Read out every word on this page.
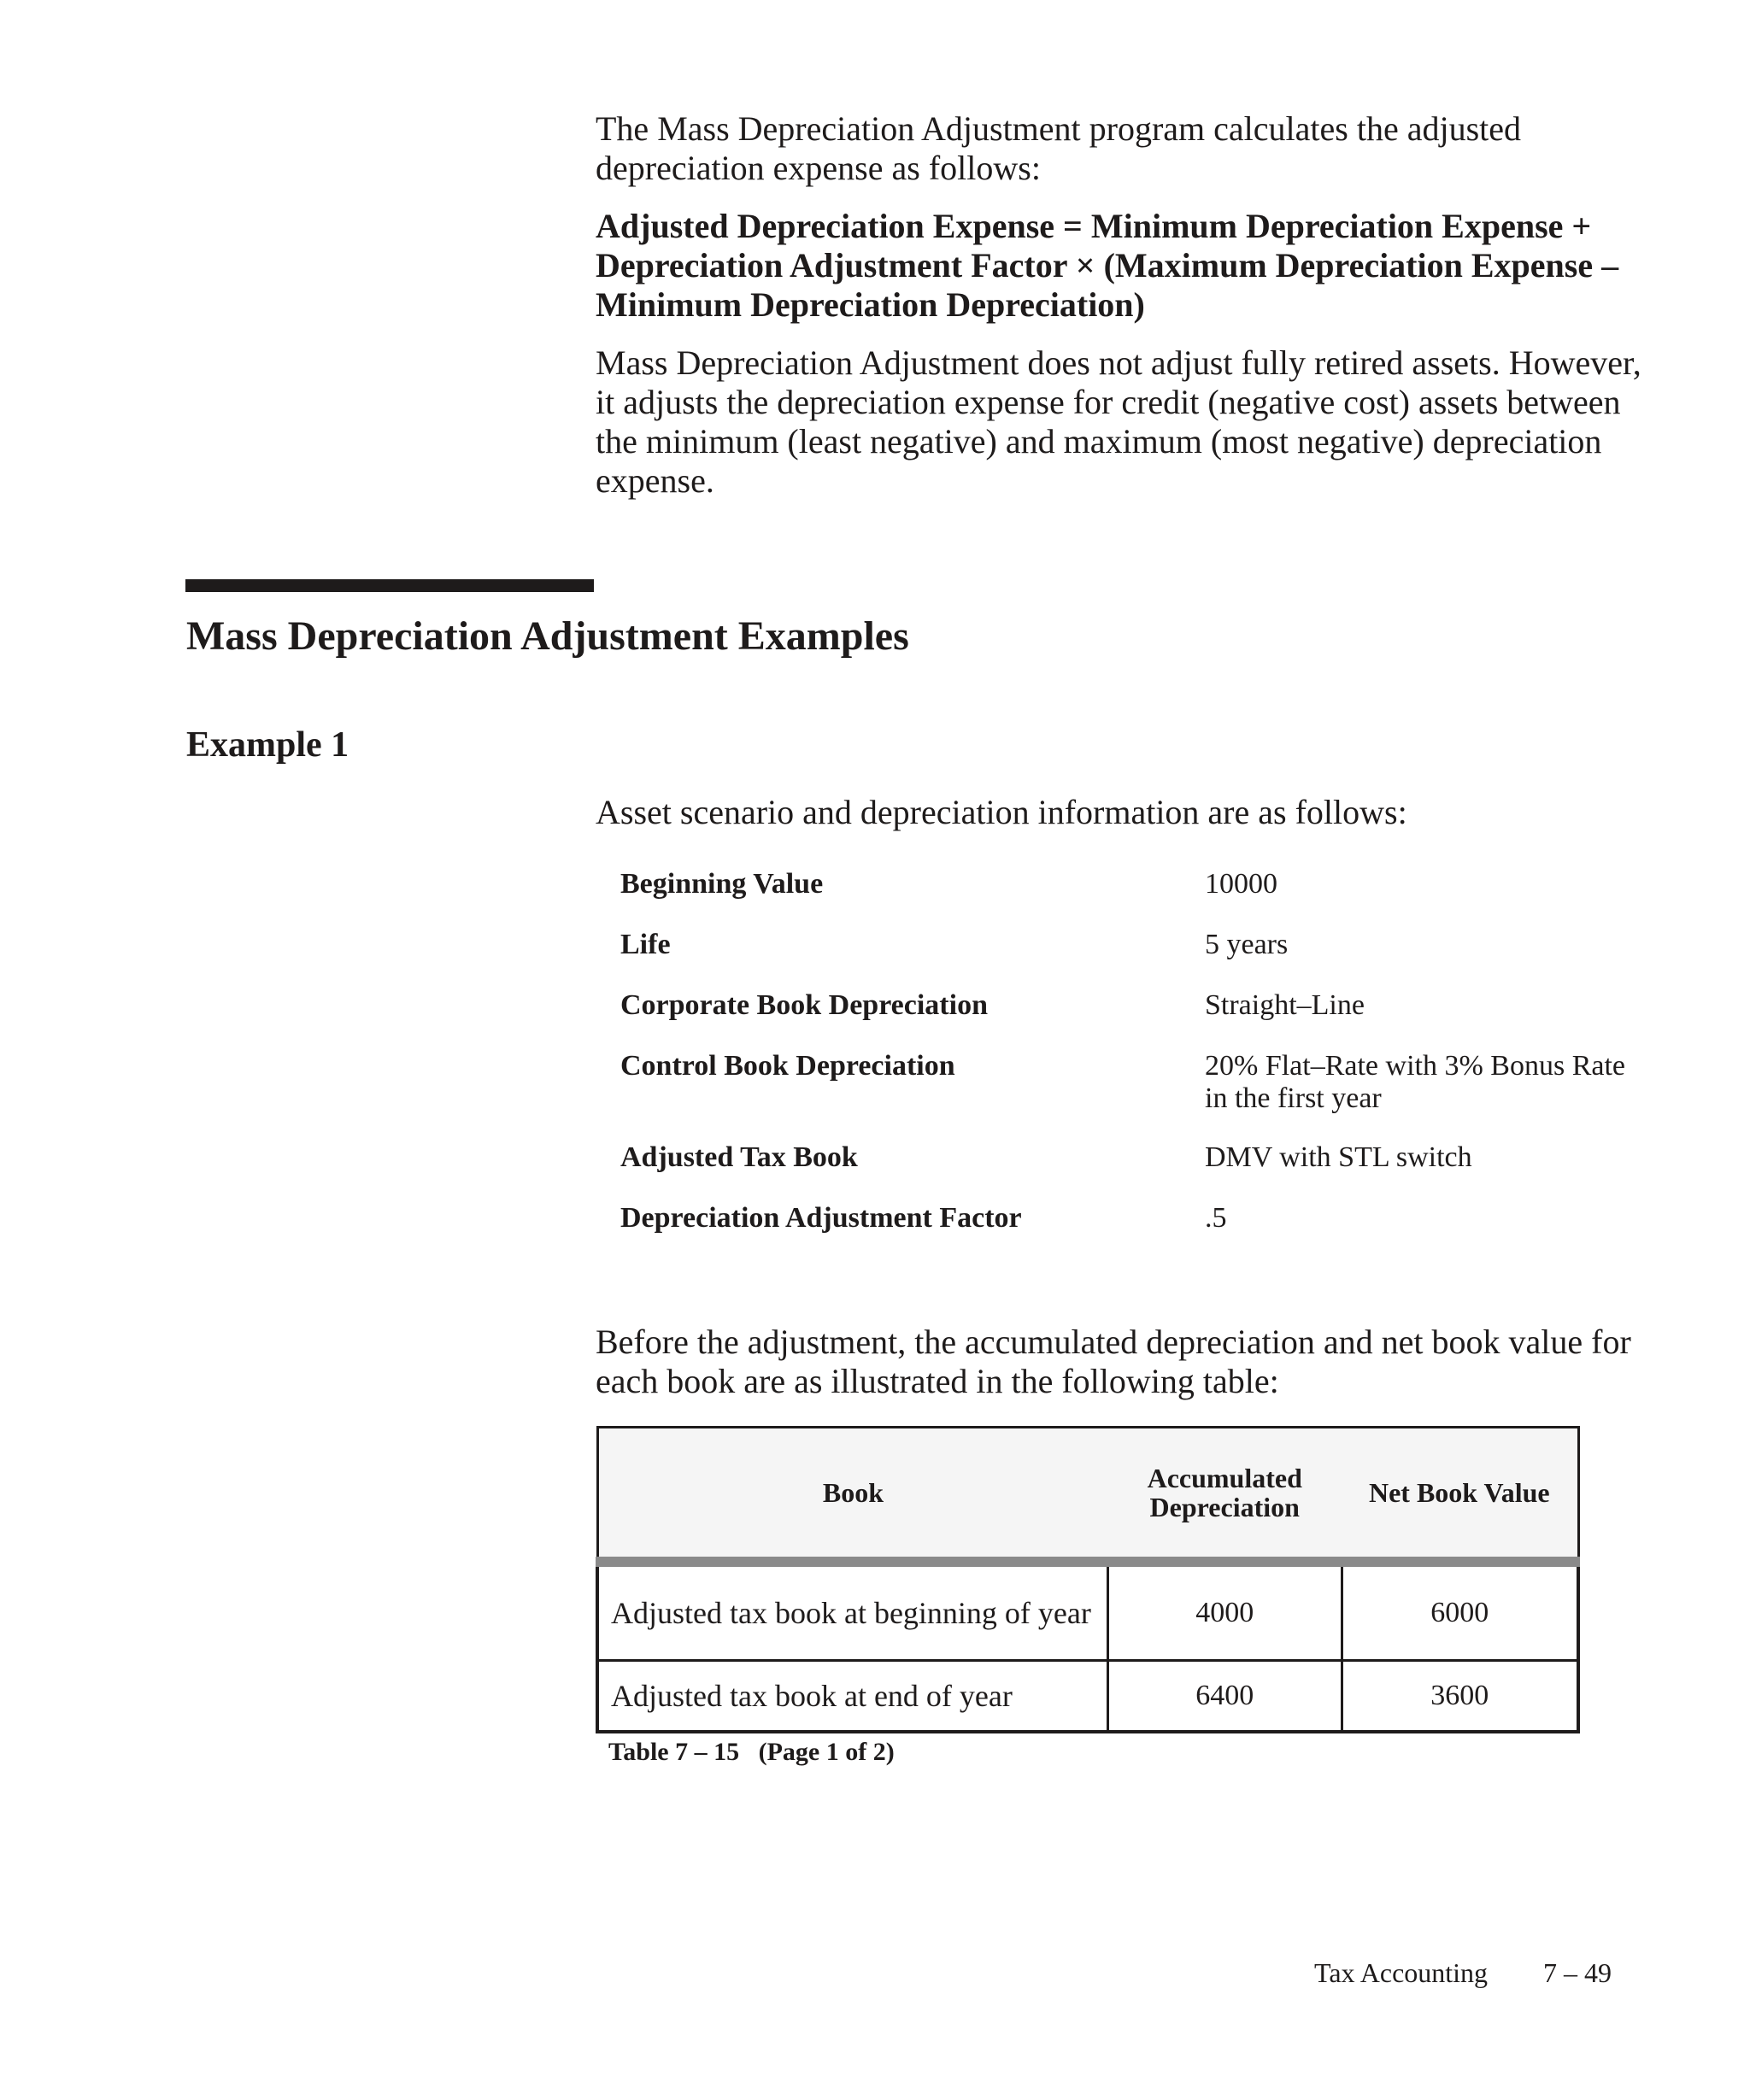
The Mass Depreciation Adjustment program calculates the adjusted depreciation expense as follows:

Adjusted Depreciation Expense = Minimum Depreciation Expense + Depreciation Adjustment Factor × (Maximum Depreciation Expense – Minimum Depreciation Depreciation)

Mass Depreciation Adjustment does not adjust fully retired assets. However, it adjusts the depreciation expense for credit (negative cost) assets between the minimum (least negative) and maximum (most negative) depreciation expense.

Mass Depreciation Adjustment Examples
Example 1

Asset scenario and depreciation information are as follows:

Beginning Value	10000
Life	5 years
Corporate Book Depreciation	Straight–Line
Control Book Depreciation	20% Flat–Rate with 3% Bonus Rate in the first year
Adjusted Tax Book	DMV with STL switch
Depreciation Adjustment Factor	.5

Before the adjustment, the accumulated depreciation and net book value for each book are as illustrated in the following table:

Book	Accumulated Depreciation	Net Book Value
Adjusted tax book at beginning of year	4000	6000
Adjusted tax book at end of year	6400	3600
Table 7 – 15   (Page 1 of 2)
Tax Accounting 7 – 49
